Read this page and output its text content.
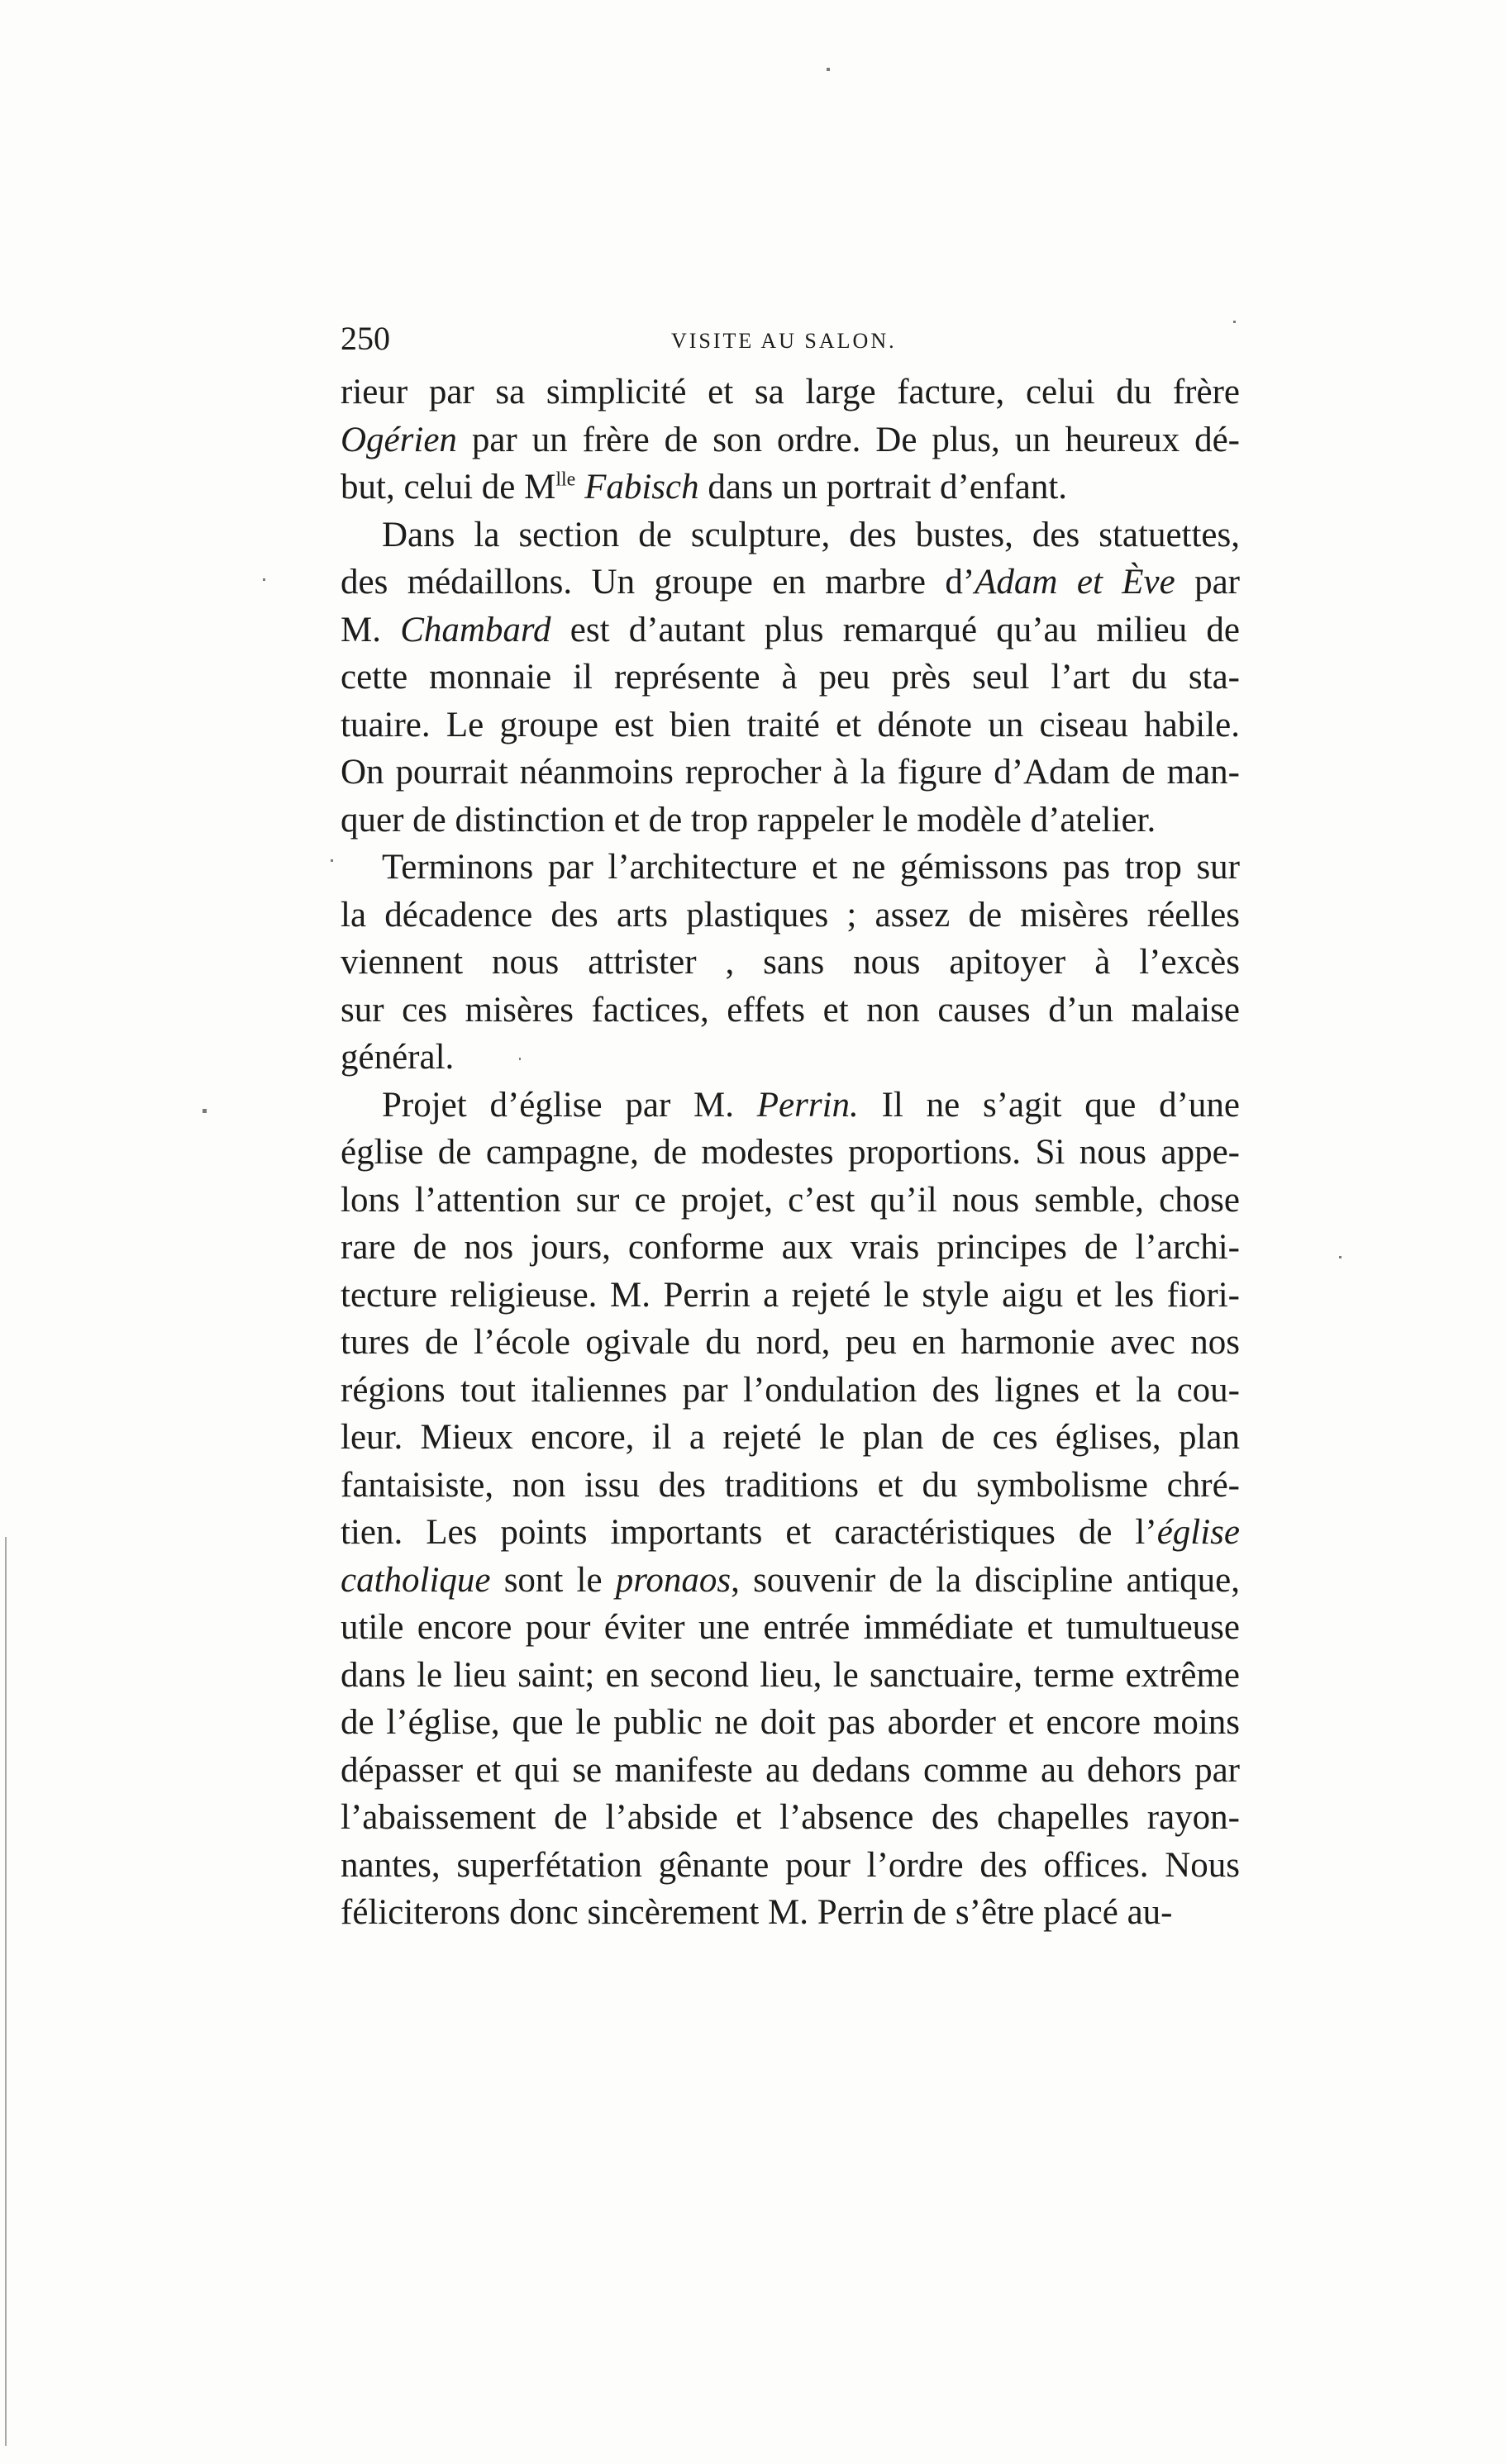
250	VISITE AU SALON.
rieur par sa simplicité et sa large facture, celui du frère
Ogérien par un frère de son ordre. De plus, un heureux dé-
but, celui de $M^{lle}$ Fabisch dans un portrait d’enfant.
Dans la section de sculpture, des bustes, des statuettes,
des médaillons. Un groupe en marbre d’Adam et Ève par
M. Chambard est d’autant plus remarqué qu’au milieu de
cette monnaie il représente à peu près seul l’art du sta-
tuaire. Le groupe est bien traité et dénote un ciseau habile.
On pourrait néanmoins reprocher à la figure d’Adam de man-
quer de distinction et de trop rappeler le modèle d’atelier.
Terminons par l’architecture et ne gémissons pas trop sur
la décadence des arts plastiques ; assez de misères réelles
viennent nous attrister , sans nous apitoyer à l’excès
sur ces misères factices, effets et non causes d’un malaise
général.
Projet d’église par M. Perrin. Il ne s’agit que d’une
église de campagne, de modestes proportions. Si nous appe-
lons l’attention sur ce projet, c’est qu’il nous semble, chose
rare de nos jours, conforme aux vrais principes de l’archi-
tecture religieuse. M. Perrin a rejeté le style aigu et les fiori-
tures de l’école ogivale du nord, peu en harmonie avec nos
régions tout italiennes par l’ondulation des lignes et la cou-
leur. Mieux encore, il a rejeté le plan de ces églises, plan
fantaisiste, non issu des traditions et du symbolisme chré-
tien. Les points importants et caractéristiques de l’église
catholique sont le pronaos, souvenir de la discipline antique,
utile encore pour éviter une entrée immédiate et tumultueuse
dans le lieu saint; en second lieu, le sanctuaire, terme extrême
de l’église, que le public ne doit pas aborder et encore moins
dépasser et qui se manifeste au dedans comme au dehors par
l’abaissement de l’abside et l’absence des chapelles rayon-
nantes, superfétation gênante pour l’ordre des offices. Nous
féliciterons donc sincèrement M. Perrin de s’être placé au-
